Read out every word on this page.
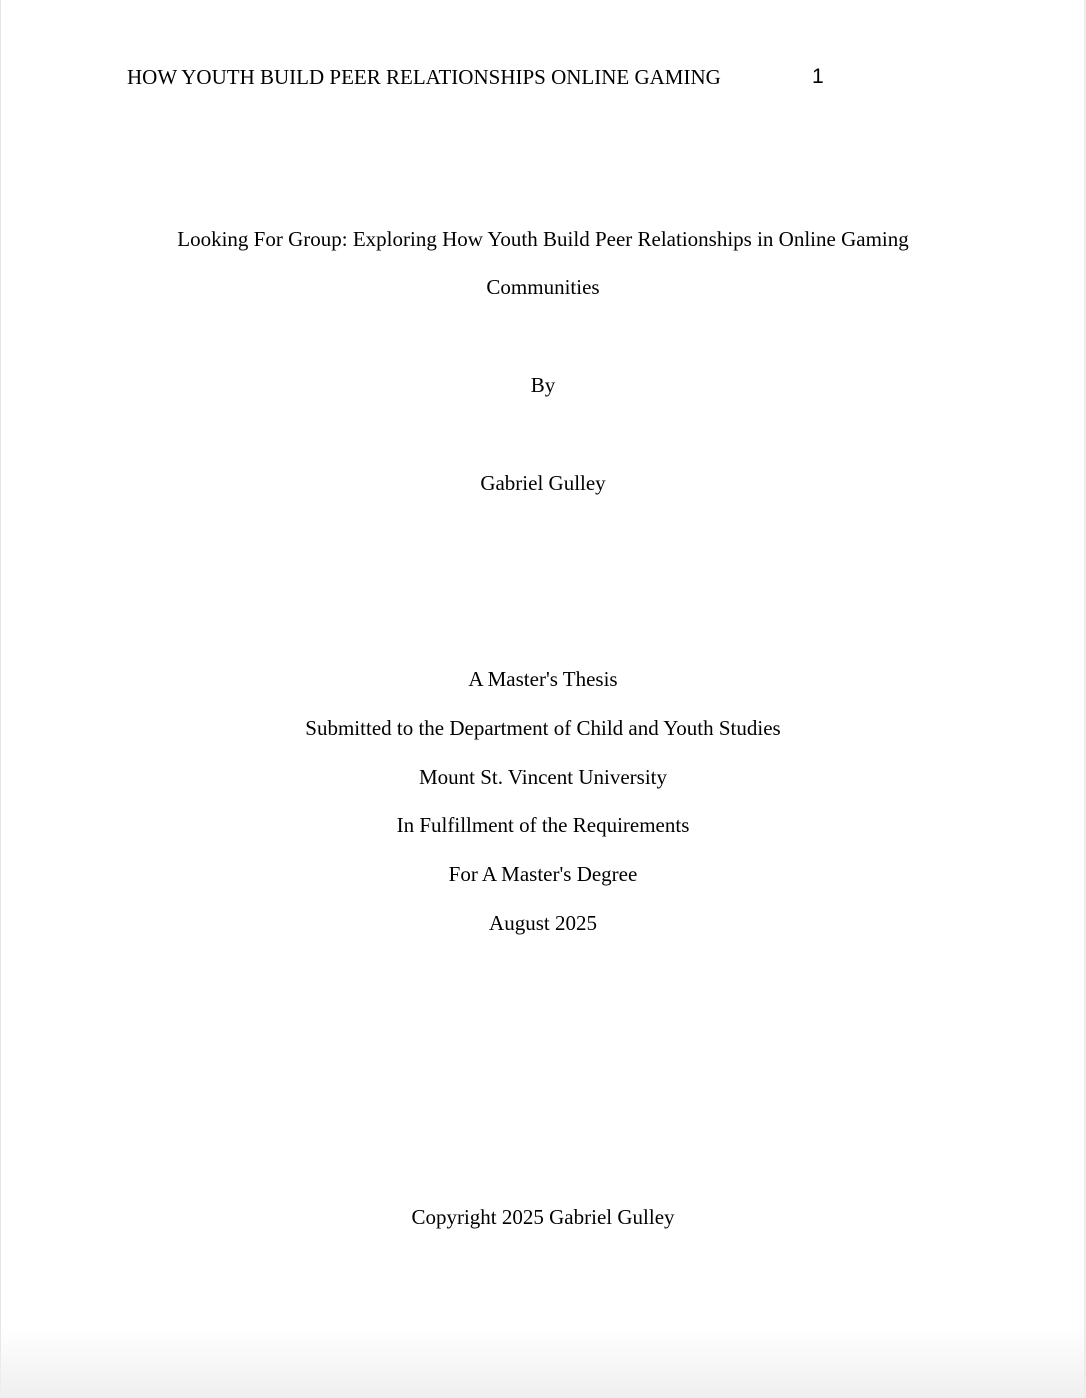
HOW YOUTH BUILD PEER RELATIONSHIPS ONLINE GAMING	1
Looking For Group: Exploring How Youth Build Peer Relationships in Online Gaming
Communities
By
Gabriel Gulley
A Master's Thesis
Submitted to the Department of Child and Youth Studies
Mount St. Vincent University
In Fulfillment of the Requirements
For A Master's Degree
August 2025
Copyright 2025 Gabriel Gulley
